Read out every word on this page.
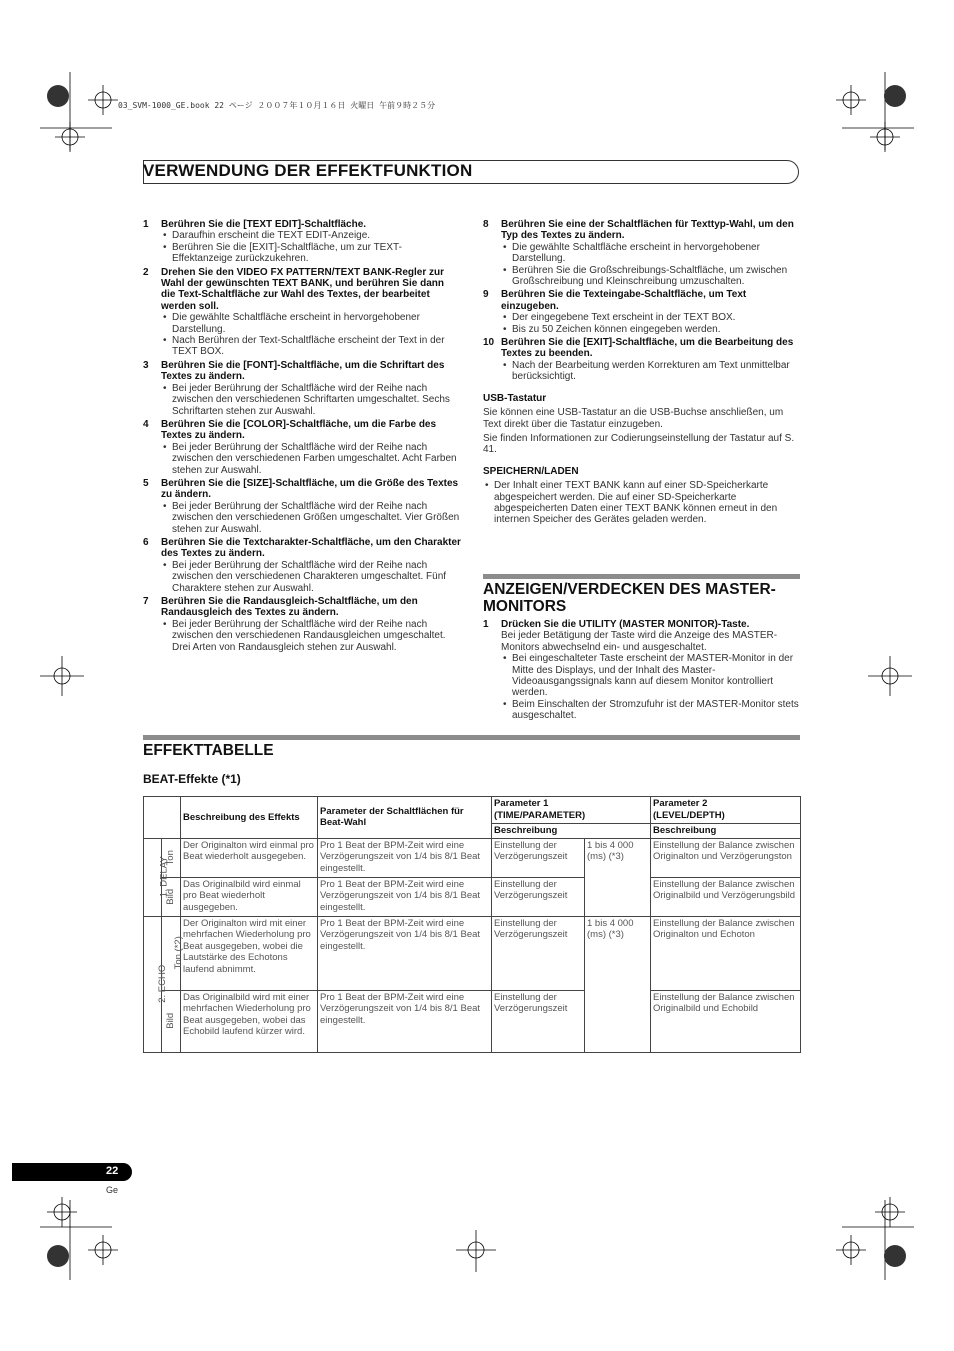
03_SVM-1000_GE.book 22 ページ ２００７年１０月１６日 火曜日 午前９時２５分
VERWENDUNG DER EFFEKTFUNKTION
1 Berühren Sie die [TEXT EDIT]-Schaltfläche.
• Daraufhin erscheint die TEXT EDIT-Anzeige.
• Berühren Sie die [EXIT]-Schaltfläche, um zur TEXT-Effektanzeige zurückzukehren.
2 Drehen Sie den VIDEO FX PATTERN/TEXT BANK-Regler zur Wahl der gewünschten TEXT BANK, und berühren Sie dann die Text-Schaltfläche zur Wahl des Textes, der bearbeitet werden soll.
• Die gewählte Schaltfläche erscheint in hervorgehobener Darstellung.
• Nach Berühren der Text-Schaltfläche erscheint der Text in der TEXT BOX.
3 Berühren Sie die [FONT]-Schaltfläche, um die Schriftart des Textes zu ändern.
• Bei jeder Berührung der Schaltfläche wird der Reihe nach zwischen den verschiedenen Schriftarten umgeschaltet. Sechs Schriftarten stehen zur Auswahl.
4 Berühren Sie die [COLOR]-Schaltfläche, um die Farbe des Textes zu ändern.
• Bei jeder Berührung der Schaltfläche wird der Reihe nach zwischen den verschiedenen Farben umgeschaltet. Acht Farben stehen zur Auswahl.
5 Berühren Sie die [SIZE]-Schaltfläche, um die Größe des Textes zu ändern.
• Bei jeder Berührung der Schaltfläche wird der Reihe nach zwischen den verschiedenen Größen umgeschaltet. Vier Größen stehen zur Auswahl.
6 Berühren Sie die Textcharakter-Schaltfläche, um den Charakter des Textes zu ändern.
• Bei jeder Berührung der Schaltfläche wird der Reihe nach zwischen den verschiedenen Charakteren umgeschaltet. Fünf Charaktere stehen zur Auswahl.
7 Berühren Sie die Randausgleich-Schaltfläche, um den Randausgleich des Textes zu ändern.
• Bei jeder Berührung der Schaltfläche wird der Reihe nach zwischen den verschiedenen Randausgleichen umgeschaltet. Drei Arten von Randausgleich stehen zur Auswahl.
8 Berühren Sie eine der Schaltflächen für Texttyp-Wahl, um den Typ des Textes zu ändern.
• Die gewählte Schaltfläche erscheint in hervorgehobener Darstellung.
• Berühren Sie die Großschreibungs-Schaltfläche, um zwischen Großschreibung und Kleinschreibung umzuschalten.
9 Berühren Sie die Texteingabe-Schaltfläche, um Text einzugeben.
• Der eingegebene Text erscheint in der TEXT BOX.
• Bis zu 50 Zeichen können eingegeben werden.
10 Berühren Sie die [EXIT]-Schaltfläche, um die Bearbeitung des Textes zu beenden.
• Nach der Bearbeitung werden Korrekturen am Text unmittelbar berücksichtigt.
USB-Tastatur
Sie können eine USB-Tastatur an die USB-Buchse anschließen, um Text direkt über die Tastatur einzugeben.
Sie finden Informationen zur Codierungseinstellung der Tastatur auf S. 41.
SPEICHERN/LADEN
• Der Inhalt einer TEXT BANK kann auf einer SD-Speicherkarte abgespeichert werden. Die auf einer SD-Speicherkarte abgespeicherten Daten einer TEXT BANK können erneut in den internen Speicher des Gerätes geladen werden.
ANZEIGEN/VERDECKEN DES MASTER-MONITORS
1 Drücken Sie die UTILITY (MASTER MONITOR)-Taste.
Bei jeder Betätigung der Taste wird die Anzeige des MASTER-Monitors abwechselnd ein- und ausgeschaltet.
• Bei eingeschalteter Taste erscheint der MASTER-Monitor in der Mitte des Displays, und der Inhalt des Master-Videoausgangssignals kann auf diesem Monitor kontrolliert werden.
• Beim Einschalten der Stromzufuhr ist der MASTER-Monitor stets ausgeschaltet.
EFFEKTTABELLE
BEAT-Effekte (*1)
		Beschreibung des Effekts	Parameter der Schaltflächen für Beat-Wahl	Parameter 1
(TIME/PARAMETER)		Parameter 2
(LEVEL/DEPTH)
				Beschreibung		Beschreibung
1. DELAY	Ton	Der Originalton wird einmal pro Beat wiederholt ausgegeben.	Pro 1 Beat der BPM-Zeit wird eine Verzögerungszeit von 1/4 bis 8/1 Beat eingestellt.	Einstellung der Verzögerungszeit	1 bis 4 000 (ms) (*3)	Einstellung der Balance zwischen Originalton und Verzögerungston
	Bild	Das Originalbild wird einmal pro Beat wiederholt ausgegeben.	Pro 1 Beat der BPM-Zeit wird eine Verzögerungszeit von 1/4 bis 8/1 Beat eingestellt.	Einstellung der Verzögerungszeit		Einstellung der Balance zwischen Originalbild und Verzögerungsbild
2. ECHO	Ton (*2)	Der Originalton wird mit einer mehrfachen Wiederholung pro Beat ausgegeben, wobei die Lautstärke des Echotons laufend abnimmt.	Pro 1 Beat der BPM-Zeit wird eine Verzögerungszeit von 1/4 bis 8/1 Beat eingestellt.	Einstellung der Verzögerungszeit	1 bis 4 000 (ms) (*3)	Einstellung der Balance zwischen Originalton und Echoton
	Bild	Das Originalbild wird mit einer mehrfachen Wiederholung pro Beat ausgegeben, wobei das Echobild laufend kürzer wird.	Pro 1 Beat der BPM-Zeit wird eine Verzögerungszeit von 1/4 bis 8/1 Beat eingestellt.	Einstellung der Verzögerungszeit		Einstellung der Balance zwischen Originalbild und Echobild
22
Ge
